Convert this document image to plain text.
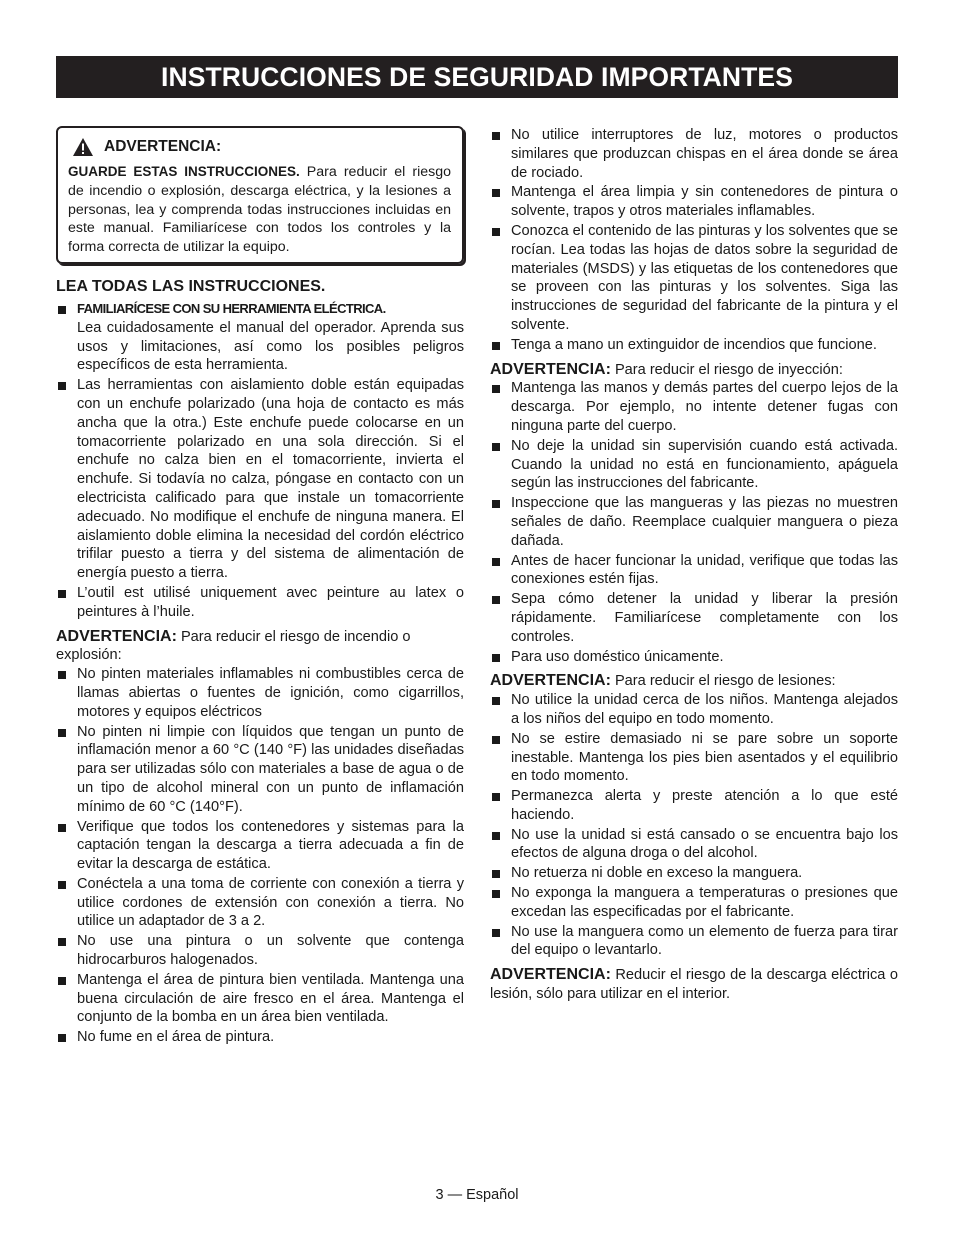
INSTRUCCIONES DE SEGURIDAD IMPORTANTES
ADVERTENCIA:
GUARDE ESTAS INSTRUCCIONES. Para reducir el riesgo de incendio o explosión, descarga eléctrica, y la lesiones a personas, lea y comprenda todas instrucciones incluidas en este manual. Familiarícese con todos los controles y la forma correcta de utilizar la equipo.
LEA TODAS LAS INSTRUCCIONES.
FAMILIARÍCESE CON SU HERRAMIENTA ELÉCTRICA.
Lea cuidadosamente el manual del operador. Aprenda sus usos y limitaciones, así como los posibles peligros específicos de esta herramienta.
Las herramientas con aislamiento doble están equipadas con un enchufe polarizado (una hoja de contacto es más ancha que la otra.) Este enchufe puede colocarse en un tomacorriente polarizado en una sola dirección. Si el enchufe no calza bien en el tomacorriente, invierta el enchufe. Si todavía no calza, póngase en contacto con un electricista calificado para que instale un tomacorriente adecuado. No modifique el enchufe de ninguna manera. El aislamiento doble elimina la necesidad del cordón eléctrico trifilar puesto a tierra y del sistema de alimentación de energía puesto a tierra.
L’outil est utilisé uniquement avec peinture au latex o peintures à l’huile.

ADVERTENCIA: Para reducir el riesgo de incendio o explosión:

No pinten materiales inflamables ni combustibles cerca de llamas abiertas o fuentes de ignición, como cigarrillos, motores y equipos eléctricos
No pinten ni limpie con líquidos que tengan un punto de inflamación menor a 60 °C (140 °F) las unidades diseñadas para ser utilizadas sólo con materiales a base de agua o de un tipo de alcohol mineral con un punto de inflamación mínimo de 60 °C (140°F).
Verifique que todos los contenedores y sistemas para la captación tengan la descarga a tierra adecuada a fin de evitar la descarga de estática.
Conéctela a una toma de corriente con conexión a tierra y utilice cordones de extensión con conexión a tierra. No utilice un adaptador de 3 a 2.
No use una pintura o un solvente que contenga hidrocarburos halogenados.
Mantenga el área de pintura bien ventilada. Mantenga una buena circulación de aire fresco en el área. Mantenga el conjunto de la bomba en un área bien ventilada.
No fume en el área de pintura.
No utilice interruptores de luz, motores o productos similares que produzcan chispas en el área donde se área de rociado.
Mantenga el área limpia y sin contenedores de pintura o solvente, trapos y otros materiales inflamables.
Conozca el contenido de las pinturas y los solventes que se rocían. Lea todas las hojas de datos sobre la seguridad de materiales (MSDS) y las etiquetas de los contenedores que se proveen con las pinturas y los solventes. Siga las instrucciones de seguridad del fabricante de la pintura y el solvente.
Tenga a mano un extinguidor de incendios que funcione.

ADVERTENCIA: Para reducir el riesgo de inyección:

Mantenga las manos y demás partes del cuerpo lejos de la descarga. Por ejemplo, no intente detener fugas con ninguna parte del cuerpo.
No deje la unidad sin supervisión cuando está activada. Cuando la unidad no está en funcionamiento, apáguela según las instrucciones del fabricante.
Inspeccione que las mangueras y las piezas no muestren señales de daño. Reemplace cualquier manguera o pieza dañada.
Antes de hacer funcionar la unidad, verifique que todas las conexiones estén fijas.
Sepa cómo detener la unidad y liberar la presión rápidamente. Familiarícese completamente con los controles.
Para uso doméstico únicamente.

ADVERTENCIA: Para reducir el riesgo de lesiones:

No utilice la unidad cerca de los niños. Mantenga alejados a los niños del equipo en todo momento.
No se estire demasiado ni se pare sobre un soporte inestable. Mantenga los pies bien asentados y el equilibrio en todo momento.
Permanezca alerta y preste atención a lo que esté haciendo.
No use la unidad si está cansado o se encuentra bajo los efectos de alguna droga o del alcohol.
No retuerza ni doble en exceso la manguera.
No exponga la manguera a temperaturas o presiones que excedan las especificadas por el fabricante.
No use la manguera como un elemento de fuerza para tirar del equipo o levantarlo.

ADVERTENCIA: Reducir el riesgo de la descarga eléctrica o lesión, sólo para utilizar en el interior.

3 — Español
